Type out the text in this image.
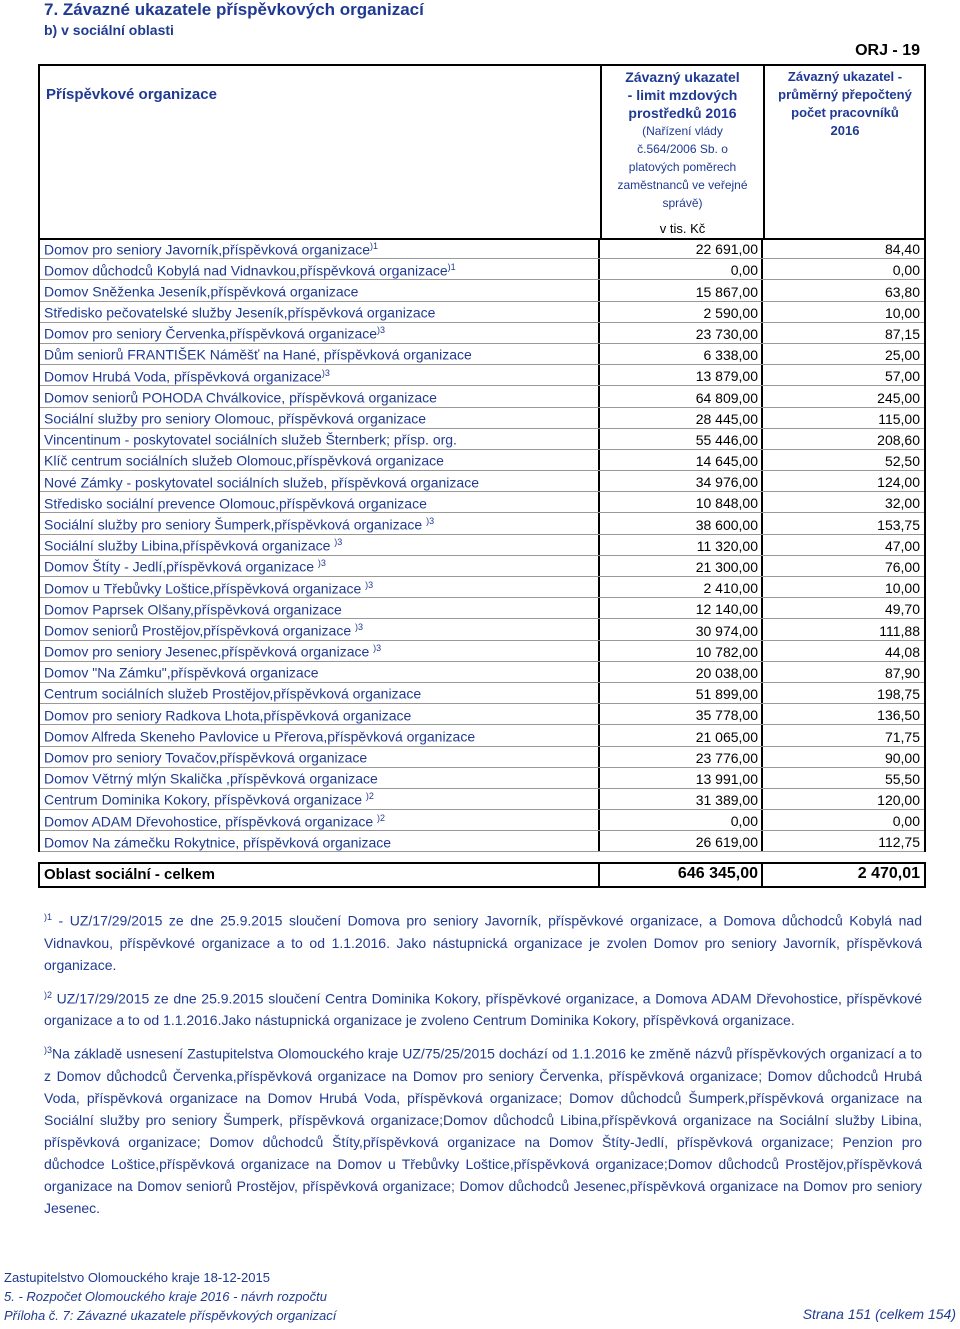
7. Závazné ukazatele příspěvkových organizací
b) v sociální oblasti
ORJ - 19
Příspěvkové organizace
Závazný ukazatel
- limit mzdových
prostředků 2016
(Nařízení vlády
č.564/2006 Sb. o
platových poměrech
zaměstnanců ve veřejné
správě)
v tis. Kč
Závazný ukazatel -
průměrný přepočtený
počet pracovníků
2016
Domov pro seniory Javorník,příspěvková organizace$^{)1}$	22 691,00	84,40
Domov důchodců Kobylá nad Vidnavkou,příspěvková organizace$^{)1}$	0,00	0,00
Domov Sněženka Jeseník,příspěvková organizace	15 867,00	63,80
Středisko pečovatelské služby Jeseník,příspěvková organizace	2 590,00	10,00
Domov pro seniory Červenka,příspěvková organizace$^{)3}$	23 730,00	87,15
Dům seniorů FRANTIŠEK Náměšť na Hané, příspěvková organizace	6 338,00	25,00
Domov Hrubá Voda, příspěvková organizace$^{)3}$	13 879,00	57,00
Domov seniorů POHODA Chválkovice, příspěvková organizace	64 809,00	245,00
Sociální služby pro seniory Olomouc, příspěvková organizace	28 445,00	115,00
Vincentinum - poskytovatel sociálních služeb Šternberk; přísp. org.	55 446,00	208,60
Klíč centrum sociálních služeb Olomouc,příspěvková organizace	14 645,00	52,50
Nové Zámky - poskytovatel sociálních služeb, příspěvková organizace	34 976,00	124,00
Středisko sociální prevence Olomouc,příspěvková organizace	10 848,00	32,00
Sociální služby pro seniory Šumperk,příspěvková organizace $^{)3}$	38 600,00	153,75
Sociální služby Libina,příspěvková organizace $^{)3}$	11 320,00	47,00
Domov Štíty - Jedlí,příspěvková organizace $^{)3}$	21 300,00	76,00
Domov u Třebůvky Loštice,příspěvková organizace $^{)3}$	2 410,00	10,00
Domov Paprsek Olšany,příspěvková organizace	12 140,00	49,70
Domov seniorů Prostějov,příspěvková organizace $^{)3}$	30 974,00	111,88
Domov pro seniory Jesenec,příspěvková organizace $^{)3}$	10 782,00	44,08
Domov "Na Zámku",příspěvková organizace	20 038,00	87,90
Centrum sociálních služeb Prostějov,příspěvková organizace	51 899,00	198,75
Domov pro seniory Radkova Lhota,příspěvková organizace	35 778,00	136,50
Domov Alfreda Skeneho Pavlovice u Přerova,příspěvková organizace	21 065,00	71,75
Domov pro seniory Tovačov,příspěvková organizace	23 776,00	90,00
Domov Větrný mlýn Skalička ,příspěvková organizace	13 991,00	55,50
Centrum Dominika Kokory, příspěvková organizace $^{)2}$	31 389,00	120,00
Domov ADAM Dřevohostice, příspěvková organizace $^{)2}$	0,00	0,00
Domov Na zámečku Rokytnice, příspěvková organizace	26 619,00	112,75
Oblast sociální - celkem	646 345,00	2 470,01

$^{)1}$ - UZ/17/29/2015 ze dne 25.9.2015 sloučení Domova pro seniory Javorník, příspěvkové organizace, a Domova důchodců Kobylá nad Vidnavkou, příspěvkové organizace a to od 1.1.2016. Jako nástupnická organizace je zvolen Domov pro seniory Javorník, příspěvková organizace.

$^{)2}$ UZ/17/29/2015 ze dne 25.9.2015 sloučení Centra Dominika Kokory, příspěvkové organizace, a Domova ADAM Dřevohostice, příspěvkové organizace a to od 1.1.2016.Jako nástupnická organizace je zvoleno Centrum Dominika Kokory, příspěvková organizace.

$^{)3}$Na základě usnesení Zastupitelstva Olomouckého kraje UZ/75/25/2015 dochází od 1.1.2016 ke změně názvů příspěvkových organizací a to z Domov důchodců Červenka,příspěvková organizace na Domov pro seniory Červenka, příspěvková organizace; Domov důchodců Hrubá Voda, příspěvková organizace na Domov Hrubá Voda, příspěvková organizace; Domov důchodců Šumperk,příspěvková organizace na Sociální služby pro seniory Šumperk, příspěvková organizace;Domov důchodců Libina,příspěvková organizace na Sociální služby Libina, příspěvková organizace; Domov důchodců Štíty,příspěvková organizace na Domov Štíty-Jedlí, příspěvková organizace; Penzion pro důchodce Loštice,příspěvková organizace na Domov u Třebůvky Loštice,příspěvková organizace;Domov důchodců Prostějov,příspěvková organizace na Domov seniorů Prostějov, příspěvková organizace; Domov důchodců Jesenec,příspěvková organizace na Domov pro seniory Jesenec.

Zastupitelstvo Olomouckého kraje 18-12-2015
5. - Rozpočet Olomouckého kraje 2016 - návrh rozpočtu
Příloha č. 7: Závazné ukazatele příspěvkových organizací	Strana 151 (celkem 154)
